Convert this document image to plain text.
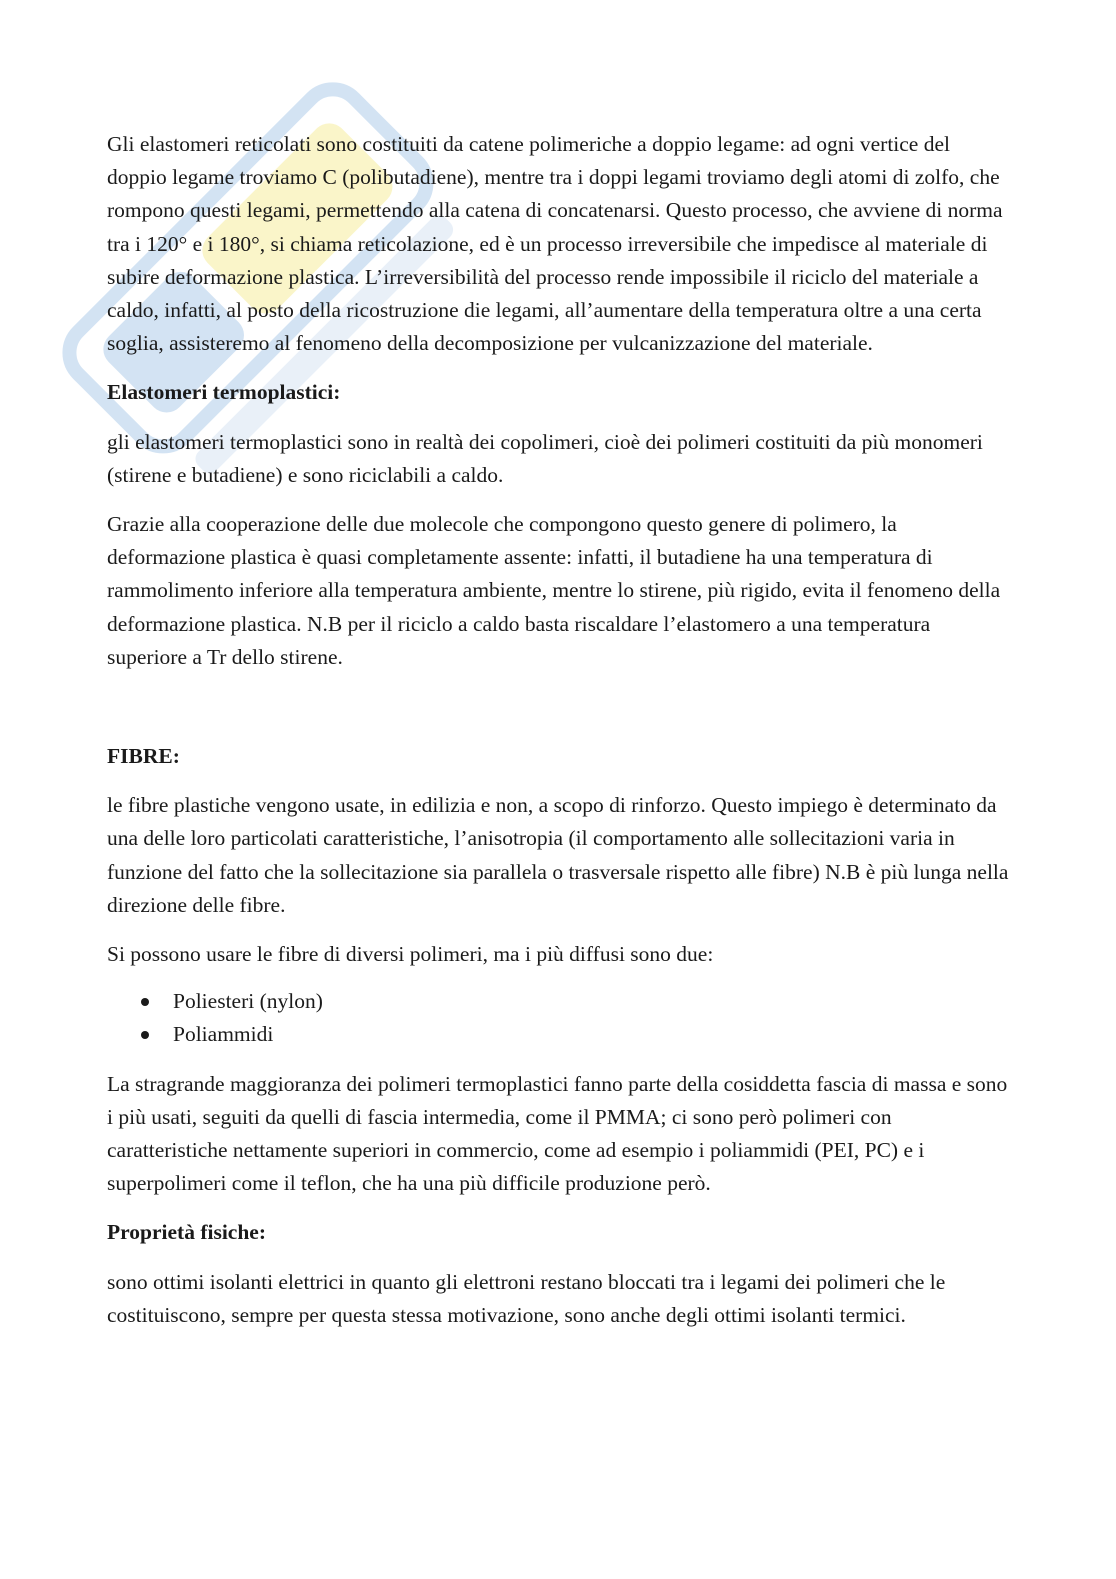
Gli elastomeri reticolati sono costituiti da catene polimeriche a doppio legame: ad ogni vertice del doppio legame troviamo C (polibutadiene), mentre tra i doppi legami troviamo degli atomi di zolfo, che rompono questi legami, permettendo alla catena di concatenarsi. Questo processo, che avviene di norma tra i 120° e i 180°, si chiama reticolazione, ed è un processo irreversibile che impedisce al materiale di subire deformazione plastica. L’irreversibilità del processo rende impossibile il riciclo del materiale a caldo, infatti, al posto della ricostruzione die legami, all’aumentare della temperatura oltre a una certa soglia, assisteremo al fenomeno della decomposizione per vulcanizzazione del materiale.

Elastomeri termoplastici:

gli elastomeri termoplastici sono in realtà dei copolimeri, cioè dei polimeri costituiti da più monomeri (stirene e butadiene) e sono riciclabili a caldo.

Grazie alla cooperazione delle due molecole che compongono questo genere di polimero, la deformazione plastica è quasi completamente assente: infatti, il butadiene ha una temperatura di rammolimento inferiore alla temperatura ambiente, mentre lo stirene, più rigido, evita il fenomeno della deformazione plastica. N.B per il riciclo a caldo basta riscaldare l’elastomero a una temperatura superiore a Tr dello stirene.

FIBRE:

le fibre plastiche vengono usate, in edilizia e non, a scopo di rinforzo. Questo impiego è determinato da una delle loro particolati caratteristiche, l’anisotropia (il comportamento alle sollecitazioni varia in funzione del fatto che la sollecitazione sia parallela o trasversale rispetto alle fibre) N.B è più lunga nella direzione delle fibre.

Si possono usare le fibre di diversi polimeri, ma i più diffusi sono due:

Poliesteri (nylon)
Poliammidi

La stragrande maggioranza dei polimeri termoplastici fanno parte della cosiddetta fascia di massa e sono i più usati, seguiti da quelli di fascia intermedia, come il PMMA; ci sono però polimeri con caratteristiche nettamente superiori in commercio, come ad esempio i poliammidi (PEI, PC) e i superpolimeri come il teflon, che ha una più difficile produzione però.

Proprietà fisiche:

sono ottimi isolanti elettrici in quanto gli elettroni restano bloccati tra i legami dei polimeri che le costituiscono, sempre per questa stessa motivazione, sono anche degli ottimi isolanti termici.
